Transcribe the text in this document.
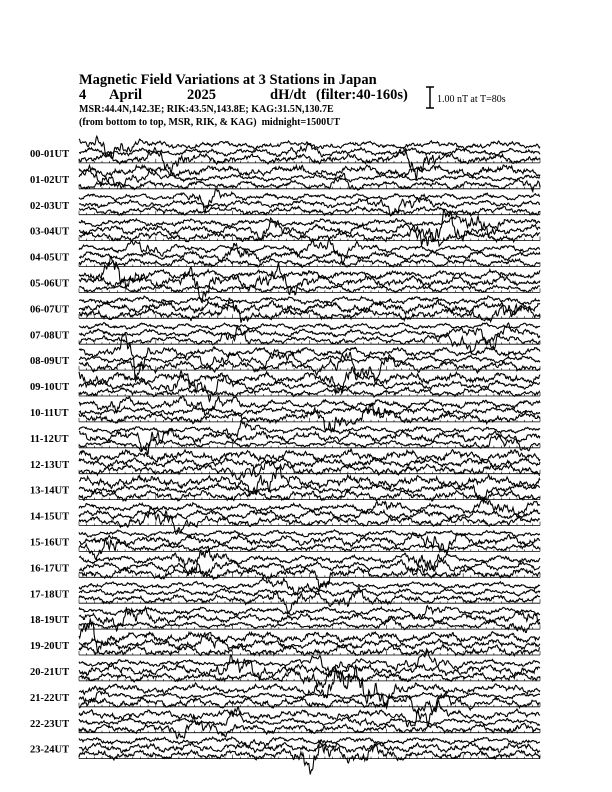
Magnetic Field Variations at 3 Stations in Japan
4 April	2025	dH/dt (filter:40-160s)
MSR:44.4N,142.3E; RIK:43.5N,143.8E; KAG:31.5N,130.7E
(from bottom to top, MSR, RIK, & KAG)  midnight=1500UT
1.00 nT at T=80s
00-01UT
01-02UT
02-03UT
03-04UT
04-05UT
05-06UT
06-07UT
07-08UT
08-09UT
09-10UT
10-11UT
11-12UT
12-13UT
13-14UT
14-15UT
15-16UT
16-17UT
17-18UT
18-19UT
19-20UT
20-21UT
21-22UT
22-23UT
23-24UT
